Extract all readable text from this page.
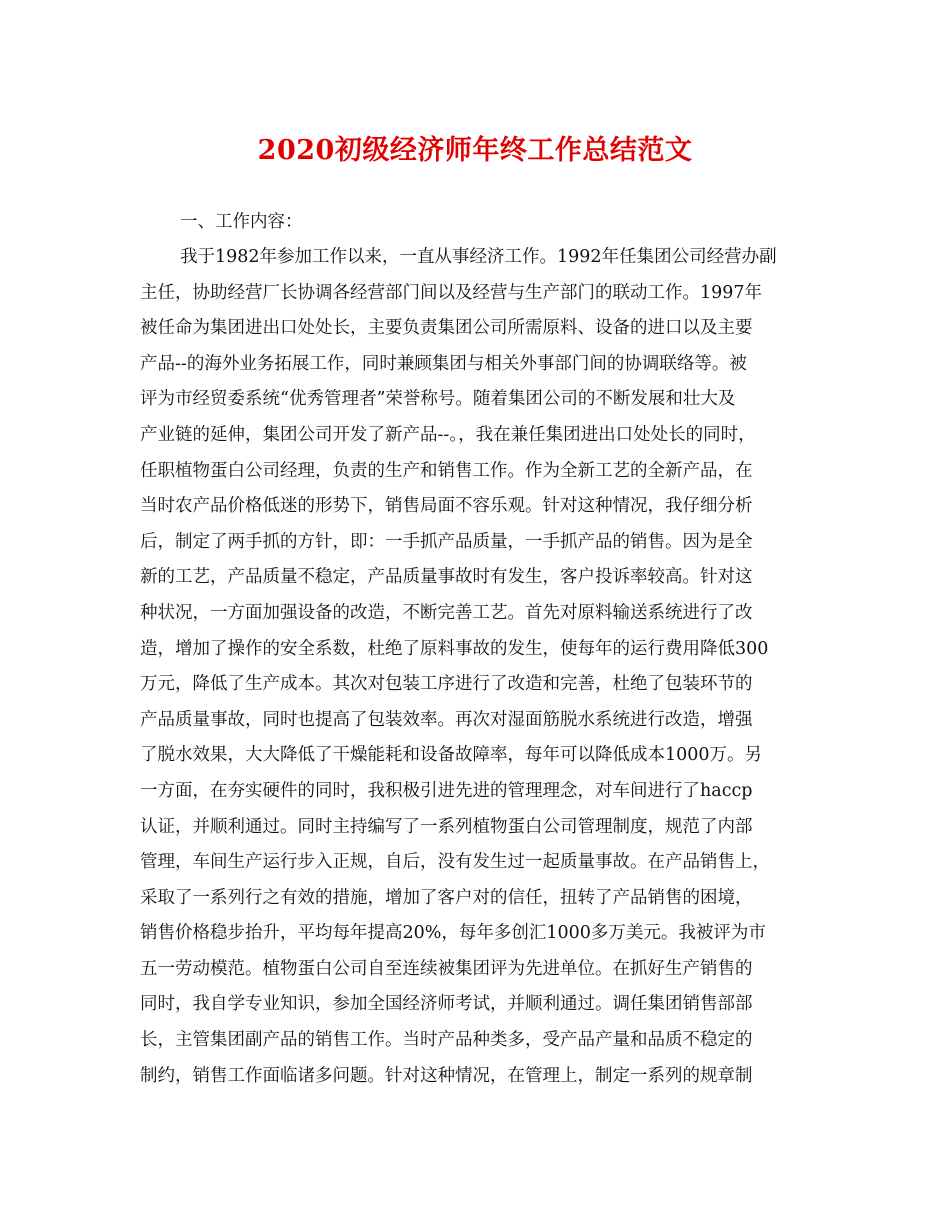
2020初级经济师年终工作总结范文
一、工作内容：
我于1982年参加工作以来，一直从事经济工作。1992年任集团公司经营办副
主任，协助经营厂长协调各经营部门间以及经营与生产部门的联动工作。1997年
被任命为集团进出口处处长，主要负责集团公司所需原料、设备的进口以及主要
产品--的海外业务拓展工作，同时兼顾集团与相关外事部门间的协调联络等。被
评为市经贸委系统“优秀管理者”荣誉称号。随着集团公司的不断发展和壮大及
产业链的延伸，集团公司开发了新产品--。，我在兼任集团进出口处处长的同时，
任职植物蛋白公司经理，负责的生产和销售工作。作为全新工艺的全新产品，在
当时农产品价格低迷的形势下，销售局面不容乐观。针对这种情况，我仔细分析
后，制定了两手抓的方针，即：一手抓产品质量，一手抓产品的销售。因为是全
新的工艺，产品质量不稳定，产品质量事故时有发生，客户投诉率较高。针对这
种状况，一方面加强设备的改造，不断完善工艺。首先对原料输送系统进行了改
造，增加了操作的安全系数，杜绝了原料事故的发生，使每年的运行费用降低300
万元，降低了生产成本。其次对包装工序进行了改造和完善，杜绝了包装环节的
产品质量事故，同时也提高了包装效率。再次对湿面筋脱水系统进行改造，增强
了脱水效果，大大降低了干燥能耗和设备故障率，每年可以降低成本1000万。另
一方面，在夯实硬件的同时，我积极引进先进的管理理念，对车间进行了haccp
认证，并顺利通过。同时主持编写了一系列植物蛋白公司管理制度，规范了内部
管理，车间生产运行步入正规，自后，没有发生过一起质量事故。在产品销售上，
采取了一系列行之有效的措施，增加了客户对的信任，扭转了产品销售的困境，
销售价格稳步抬升，平均每年提高20%，每年多创汇1000多万美元。我被评为市
五一劳动模范。植物蛋白公司自至连续被集团评为先进单位。在抓好生产销售的
同时，我自学专业知识，参加全国经济师考试，并顺利通过。调任集团销售部部
长，主管集团副产品的销售工作。当时产品种类多，受产品产量和品质不稳定的
制约，销售工作面临诸多问题。针对这种情况，在管理上，制定一系列的规章制
